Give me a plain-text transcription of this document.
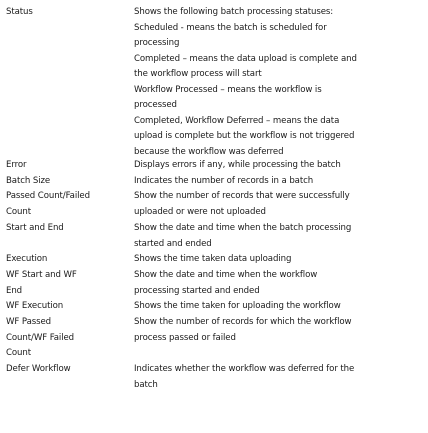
Status	Shows the following batch processing statuses:
Scheduled - means the batch is scheduled for
processing
Completed – means the data upload is complete and
the workflow process will start
Workflow Processed – means the workflow is
processed
Completed, Workflow Deferred – means the data
upload is complete but the workflow is not triggered
because the workflow was deferred
Error
Batch Size
Passed Count/Failed
Count
Start and End
Execution
WF Start and WF
End
WF Execution
WF Passed
Count/WF Failed
Count
Defer Workflow
Displays errors if any, while processing the batch
Indicates the number of records in a batch
Show the number of records that were successfully
uploaded or were not uploaded
Show the date and time when the batch processing
started and ended
Shows the time taken data uploading
Show the date and time when the workflow
processing started and ended
Shows the time taken for uploading the workflow
Show the number of records for which the workflow
process passed or failed
Indicates whether the workflow was deferred for the
batch
